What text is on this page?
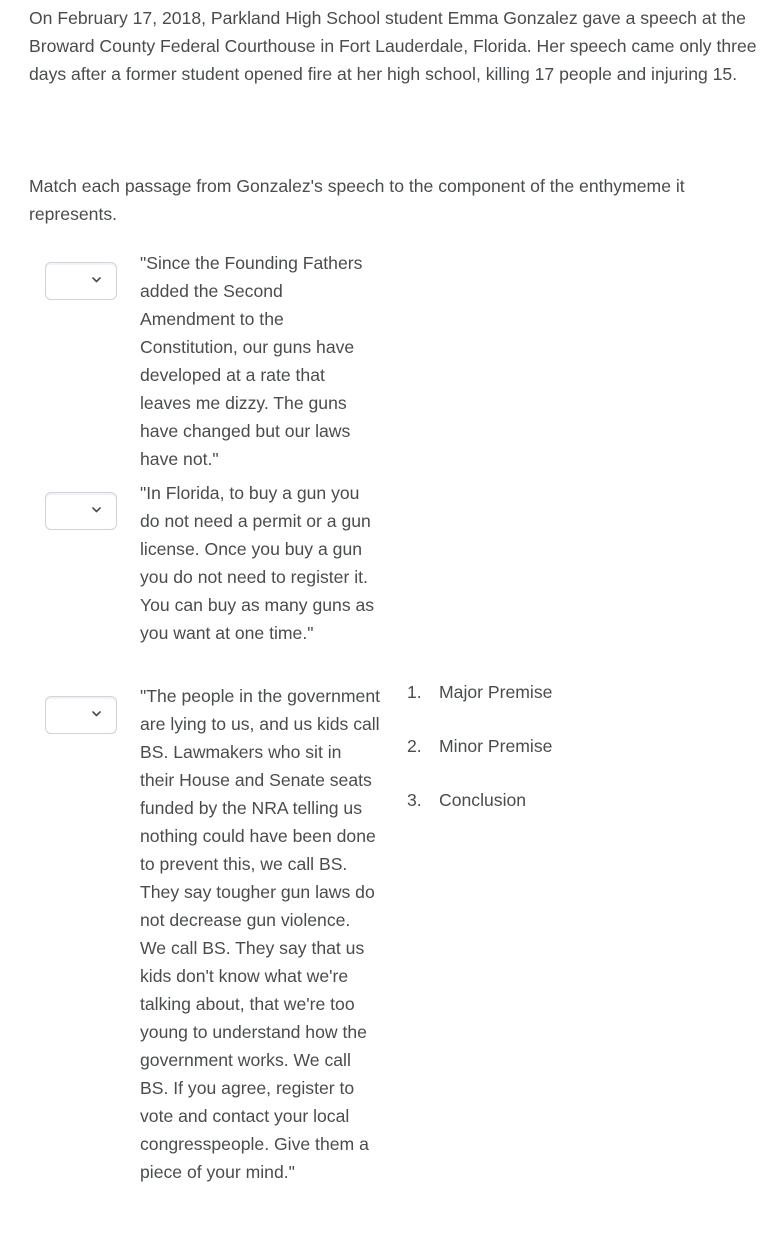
On February 17, 2018, Parkland High School student Emma Gonzalez gave a speech at the Broward County Federal Courthouse in Fort Lauderdale, Florida. Her speech came only three days after a former student opened fire at her high school, killing 17 people and injuring 15.

Match each passage from Gonzalez's speech to the component of the enthymeme it represents.

"Since the Founding Fathers added the Second Amendment to the Constitution, our guns have developed at a rate that leaves me dizzy. The guns have changed but our laws have not."

"In Florida, to buy a gun you do not need a permit or a gun license. Once you buy a gun you do not need to register it. You can buy as many guns as you want at one time."

"The people in the government are lying to us, and us kids call BS. Lawmakers who sit in their House and Senate seats funded by the NRA telling us nothing could have been done to prevent this, we call BS. They say tougher gun laws do not decrease gun violence. We call BS. They say that us kids don't know what we're talking about, that we're too young to understand how the government works. We call BS. If you agree, register to vote and contact your local congresspeople. Give them a piece of your mind."

1. Major Premise
2. Minor Premise
3. Conclusion
